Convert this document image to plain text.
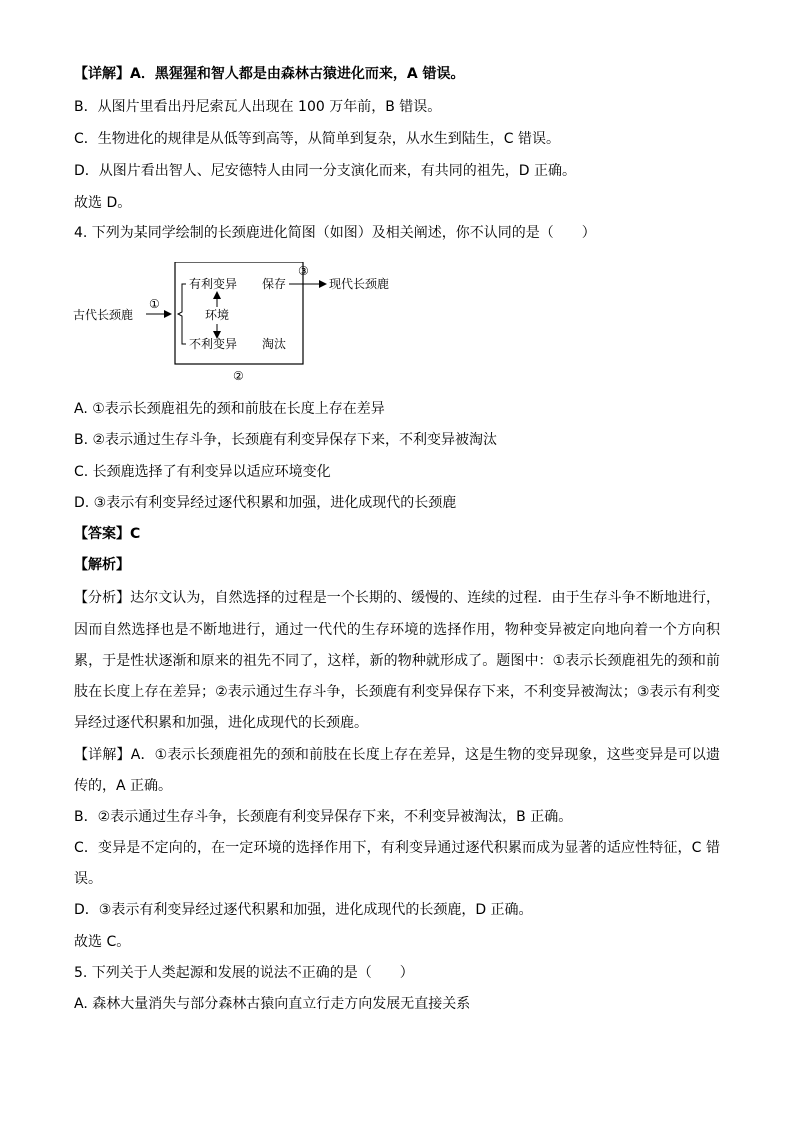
【详解】A．黑猩猩和智人都是由森林古猿进化而来，A 错误。
B．从图片里看出丹尼索瓦人出现在 100 万年前，B 错误。
C．生物进化的规律是从低等到高等，从简单到复杂，从水生到陆生，C 错误。
D．从图片看出智人、尼安德特人由同一分支演化而来，有共同的祖先，D 正确。
故选 D。
4. 下列为某同学绘制的长颈鹿进化简图（如图）及相关阐述，你不认同的是（　　）
古代长颈鹿
①
有利变异
不利变异
环境
保存
淘汰
③
现代长颈鹿
②
A. ①表示长颈鹿祖先的颈和前肢在长度上存在差异
B. ②表示通过生存斗争，长颈鹿有利变异保存下来，不利变异被淘汰
C. 长颈鹿选择了有利变异以适应环境变化
D. ③表示有利变异经过逐代积累和加强，进化成现代的长颈鹿
【答案】C
【解析】
【分析】达尔文认为，自然选择的过程是一个长期的、缓慢的、连续的过程．由于生存斗争不断地进行，
因而自然选择也是不断地进行，通过一代代的生存环境的选择作用，物种变异被定向地向着一个方向积
累，于是性状逐渐和原来的祖先不同了，这样，新的物种就形成了。题图中：①表示长颈鹿祖先的颈和前
肢在长度上存在差异；②表示通过生存斗争，长颈鹿有利变异保存下来，不利变异被淘汰；③表示有利变
异经过逐代积累和加强，进化成现代的长颈鹿。
【详解】A．①表示长颈鹿祖先的颈和前肢在长度上存在差异，这是生物的变异现象，这些变异是可以遗
传的，A 正确。
B．②表示通过生存斗争，长颈鹿有利变异保存下来，不利变异被淘汰，B 正确。
C．变异是不定向的，在一定环境的选择作用下，有利变异通过逐代积累而成为显著的适应性特征，C 错
误。
D．③表示有利变异经过逐代积累和加强，进化成现代的长颈鹿，D 正确。
故选 C。
5. 下列关于人类起源和发展的说法不正确的是（　　）
A. 森林大量消失与部分森林古猿向直立行走方向发展无直接关系
